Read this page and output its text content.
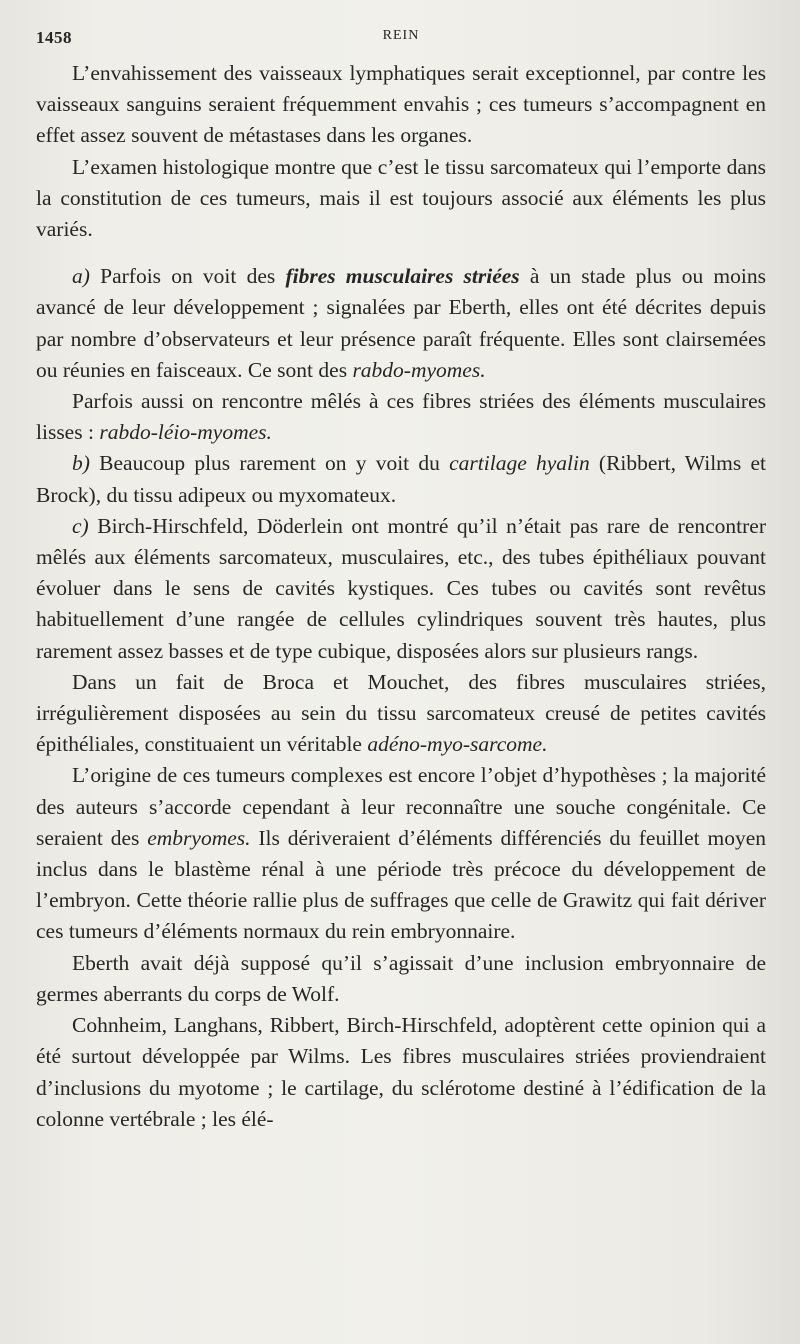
1458	REIN

L’envahissement des vaisseaux lymphatiques serait exceptionnel, par contre les vaisseaux sanguins seraient fréquemment envahis ; ces tumeurs s’accompagnent en effet assez souvent de métastases dans les organes.

L’examen histologique montre que c’est le tissu sarcomateux qui l’emporte dans la constitution de ces tumeurs, mais il est toujours associé aux éléments les plus variés.

a) Parfois on voit des fibres musculaires striées à un stade plus ou moins avancé de leur développement ; signalées par Eberth, elles ont été décrites depuis par nombre d’observateurs et leur présence paraît fréquente. Elles sont clairsemées ou réunies en faisceaux. Ce sont des rabdo-myomes.

Parfois aussi on rencontre mêlés à ces fibres striées des éléments musculaires lisses : rabdo-léio-myomes.

b) Beaucoup plus rarement on y voit du cartilage hyalin (Ribbert, Wilms et Brock), du tissu adipeux ou myxomateux.

c) Birch-Hirschfeld, Döderlein ont montré qu’il n’était pas rare de rencontrer mêlés aux éléments sarcomateux, musculaires, etc., des tubes épithéliaux pouvant évoluer dans le sens de cavités kystiques. Ces tubes ou cavités sont revêtus habituellement d’une rangée de cellules cylindriques souvent très hautes, plus rarement assez basses et de type cubique, disposées alors sur plusieurs rangs.

Dans un fait de Broca et Mouchet, des fibres musculaires striées, irrégulièrement disposées au sein du tissu sarcomateux creusé de petites cavités épithéliales, constituaient un véritable adéno-myo-sarcome.

L’origine de ces tumeurs complexes est encore l’objet d’hypothèses ; la majorité des auteurs s’accorde cependant à leur reconnaître une souche congénitale. Ce seraient des embryomes. Ils dériveraient d’éléments différenciés du feuillet moyen inclus dans le blastème rénal à une période très précoce du développement de l’embryon. Cette théorie rallie plus de suffrages que celle de Grawitz qui fait dériver ces tumeurs d’éléments normaux du rein embryonnaire.

Eberth avait déjà supposé qu’il s’agissait d’une inclusion embryonnaire de germes aberrants du corps de Wolf.

Cohnheim, Langhans, Ribbert, Birch-Hirschfeld, adoptèrent cette opinion qui a été surtout développée par Wilms. Les fibres musculaires striées proviendraient d’inclusions du myotome ; le cartilage, du sclérotome destiné à l’édification de la colonne vertébrale ; les élé-
